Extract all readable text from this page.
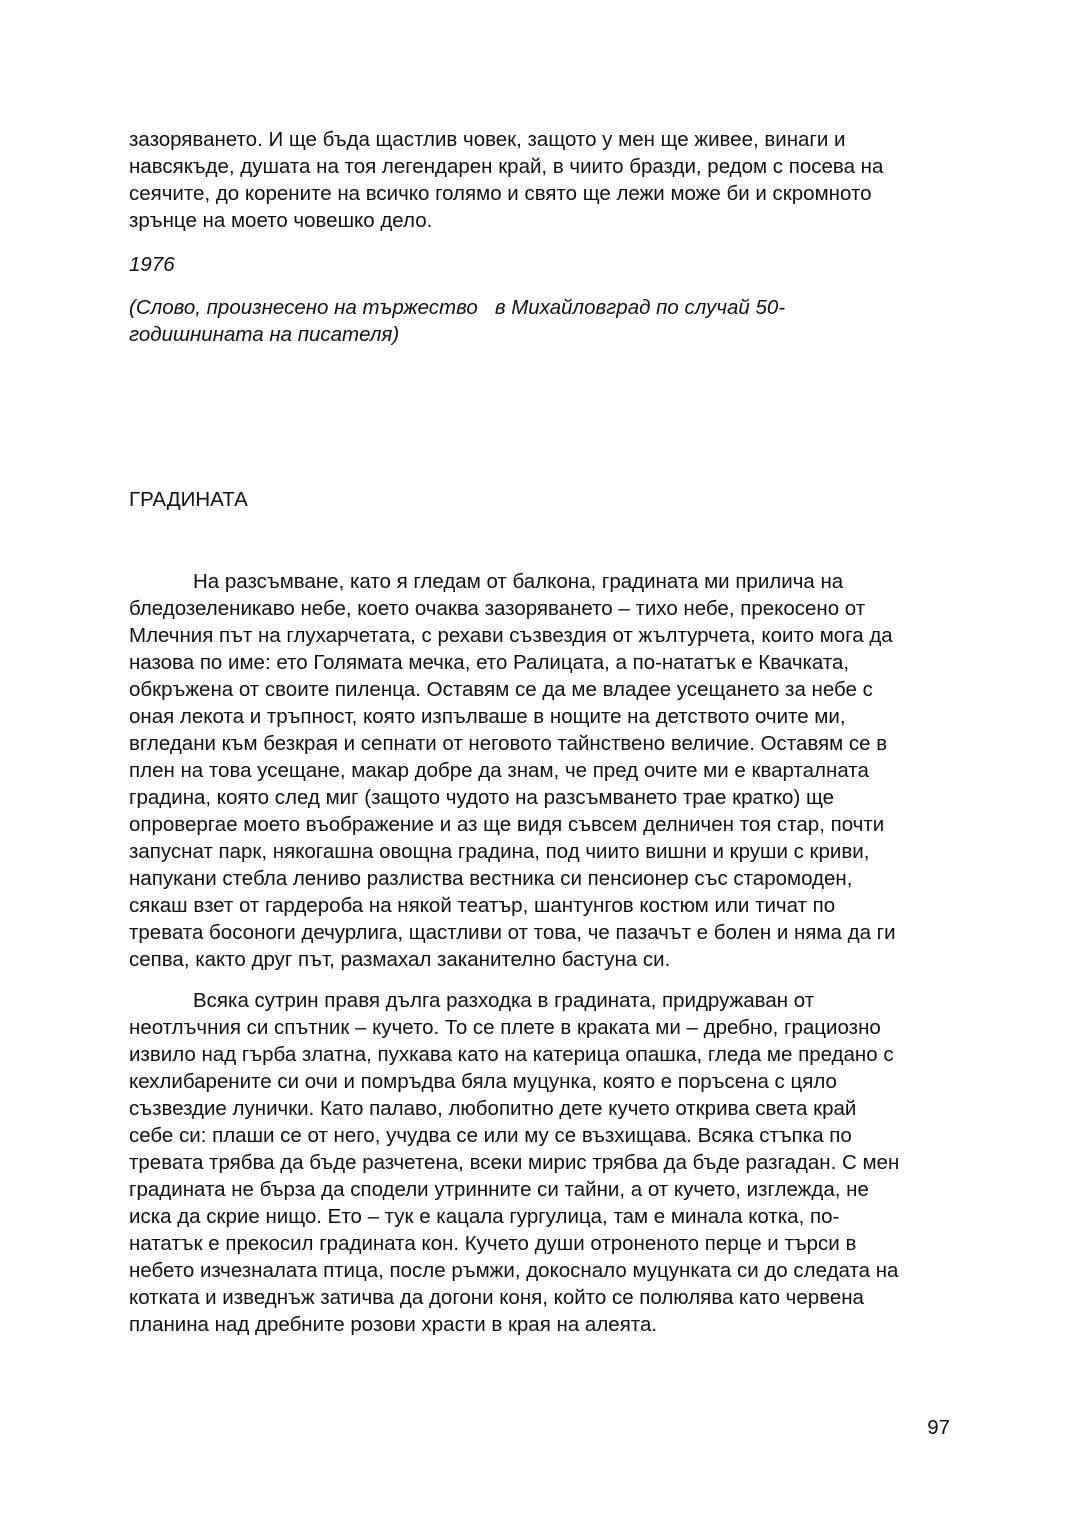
зазоряването. И ще бъда щастлив човек, защото у мен ще живее, винаги и
навсякъде, душата на тоя легендарен край, в чиито бразди, редом с посева на
сеячите, до корените на всичко голямо и свято ще лежи може би и скромното
зрънце на моето човешко дело.
1976
(Слово, произнесено на тържество   в Михайловград по случай 50-
годишнината на писателя)
ГРАДИНАТА
На разсъмване, като я гледам от балкона, градината ми прилича на
бледозеленикаво небе, което очаква зазоряването – тихо небе, прекосено от
Млечния път на глухарчетата, с рехави съзвездия от жълтурчета, които мога да
назова по име: ето Голямата мечка, ето Ралицата, а по-нататък е Квачката,
обкръжена от своите пиленца. Оставям се да ме владее усещането за небе с
оная лекота и тръпност, която изпълваше в нощите на детството очите ми,
вгледани към безкрая и сепнати от неговото тайнствено величие. Оставям се в
плен на това усещане, макар добре да знам, че пред очите ми е кварталната
градина, която след миг (защото чудото на разсъмването трае кратко) ще
опровергае моето въображение и аз ще видя съвсем делничен тоя стар, почти
запуснат парк, някогашна овощна градина, под чиито вишни и круши с криви,
напукани стебла лениво разлиства вестника си пенсионер със старомоден,
сякаш взет от гардероба на някой театър, шантунгов костюм или тичат по
тревата босоноги дечурлига, щастливи от това, че пазачът е болен и няма да ги
сепва, както друг път, размахал заканително бастуна си.
Всяка сутрин правя дълга разходка в градината, придружаван от
неотлъчния си спътник – кучето. То се плете в краката ми – дребно, грациозно
извило над гърба златна, пухкава като на катерица опашка, гледа ме предано с
кехлибарените си очи и помръдва бяла муцунка, която е поръсена с цяло
съзвездие лунички. Като палаво, любопитно дете кучето открива света край
себе си: плаши се от него, учудва се или му се възхищава. Всяка стъпка по
тревата трябва да бъде разчетена, всеки мирис трябва да бъде разгадан. С мен
градината не бърза да сподели утринните си тайни, а от кучето, изглежда, не
иска да скрие нищо. Ето – тук е кацала гургулица, там е минала котка, по-
нататък е прекосил градината кон. Кучето души отроненото перце и търси в
небето изчезналата птица, после ръмжи, докоснало муцунката си до следата на
котката и изведнъж затичва да догони коня, който се полюлява като червена
планина над дребните розови храсти в края на алеята.
97
